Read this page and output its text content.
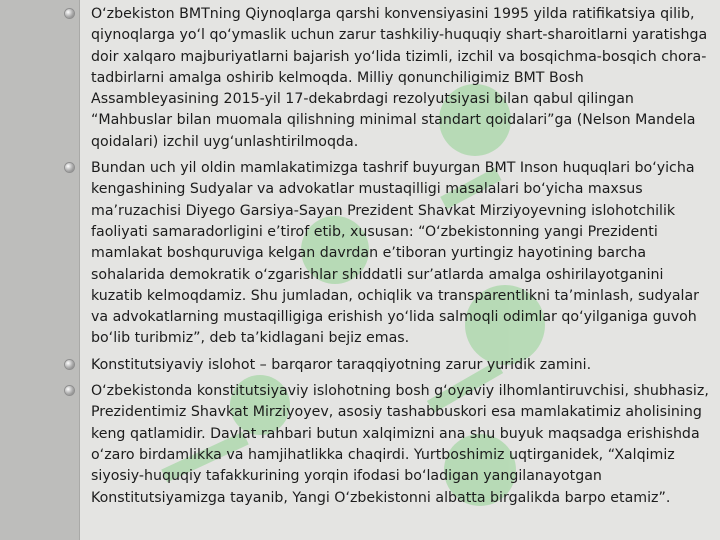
O‘zbekiston BMTning Qiynoqlarga qarshi konvensiyasini 1995 yilda ratifikatsiya qilib, qiynoqlarga yo‘l qo‘ymaslik uchun zarur tashkiliy-huquqiy shart-sharoitlarni yaratishga doir xalqaro majburiyatlarni bajarish yo‘lida tizimli, izchil va bosqichma-bosqich chora-tadbirlarni amalga oshirib kelmoqda. Milliy qonunchiligimiz BMT Bosh Assambleyasining 2015-yil 17-dekabrdagi rezolyutsiyasi bilan qabul qilingan “Mahbuslar bilan muomala qilishning minimal standart qoidalari”ga (Nelson Mandela qoidalari) izchil uyg‘unlashtirilmoqda.
Bundan uch yil oldin mamlakatimizga tashrif buyurgan BMT Inson huquqlari bo‘yicha kengashining Sudyalar va advokatlar mustaqilligi masalalari bo‘yicha maxsus ma’ruzachisi Diyego Garsiya-Sayan Prezident Shavkat Mirziyoyevning islohotchilik faoliyati samaradorligini e’tirof etib, xususan: “O‘zbekistonning yangi Prezidenti mamlakat boshquruviga kelgan davrdan e’tiboran yurtingiz hayotining barcha sohalarida demokratik o‘zgarishlar shiddatli sur’atlarda amalga oshirilayotganini kuzatib kelmoqdamiz. Shu jumladan, ochiqlik va transparentlikni ta’minlash, sudyalar va advokatlarning mustaqilligiga erishish yo‘lida salmoqli odimlar qo‘yilganiga guvoh bo‘lib turibmiz”, deb ta’kidlagani bejiz emas.
Konstitutsiyaviy islohot – barqaror taraqqiyotning zarur yuridik zamini.
O‘zbekistonda konstitutsiyaviy islohotning bosh g‘oyaviy ilhomlantiruvchisi, shubhasiz, Prezidentimiz Shavkat Mirziyoyev, asosiy tashabbuskori esa mamlakatimiz aholisining keng qatlamidir. Davlat rahbari butun xalqimizni ana shu buyuk maqsadga erishishda o‘zaro birdamlikka va hamjihatlikka chaqirdi. Yurtboshimiz uqtirganidek, “Xalqimiz siyosiy-huquqiy tafakkurining yorqin ifodasi bo‘ladigan yangilanayotgan Konstitutsiyamizga tayanib, Yangi O‘zbekistonni albatta birgalikda barpo etamiz”.
